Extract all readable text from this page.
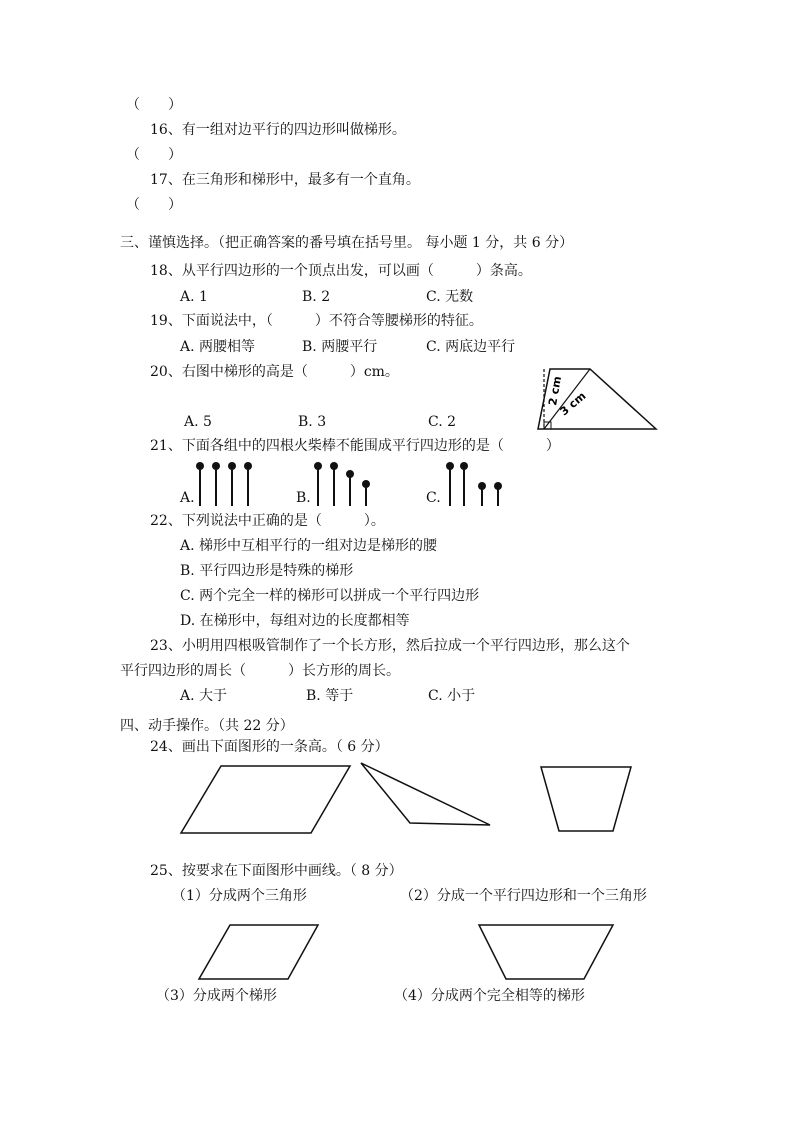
（　　）
16、有一组对边平行的四边形叫做梯形。
（　　）
17、在三角形和梯形中，最多有一个直角。
（　　）
三、谨慎选择。（把正确答案的番号填在括号里。 每小题 1 分，共 6 分）
18、从平行四边形的一个顶点出发，可以画（　　　）条高。
A. 1	B. 2	C. 无数
19、下面说法中，（　　　）不符合等腰梯形的特征。
A. 两腰相等	B. 两腰平行	C. 两底边平行
20、右图中梯形的高是（　　　）cm。
A. 5	B. 3	C. 2
2 cm
3 cm
21、下面各组中的四根火柴棒不能围成平行四边形的是（　　　）
A.	B.	C.
22、下列说法中正确的是（　　　）。
A. 梯形中互相平行的一组对边是梯形的腰
B. 平行四边形是特殊的梯形
C. 两个完全一样的梯形可以拼成一个平行四边形
D. 在梯形中，每组对边的长度都相等
23、小明用四根吸管制作了一个长方形，然后拉成一个平行四边形，那么这个
平行四边形的周长（　　　）长方形的周长。
A. 大于	B. 等于	C. 小于
四、动手操作。（共 22 分）
24、画出下面图形的一条高。（ 6 分）
25、按要求在下面图形中画线。（ 8 分）
（1）分成两个三角形	（2）分成一个平行四边形和一个三角形
（3）分成两个梯形	（4）分成两个完全相等的梯形
